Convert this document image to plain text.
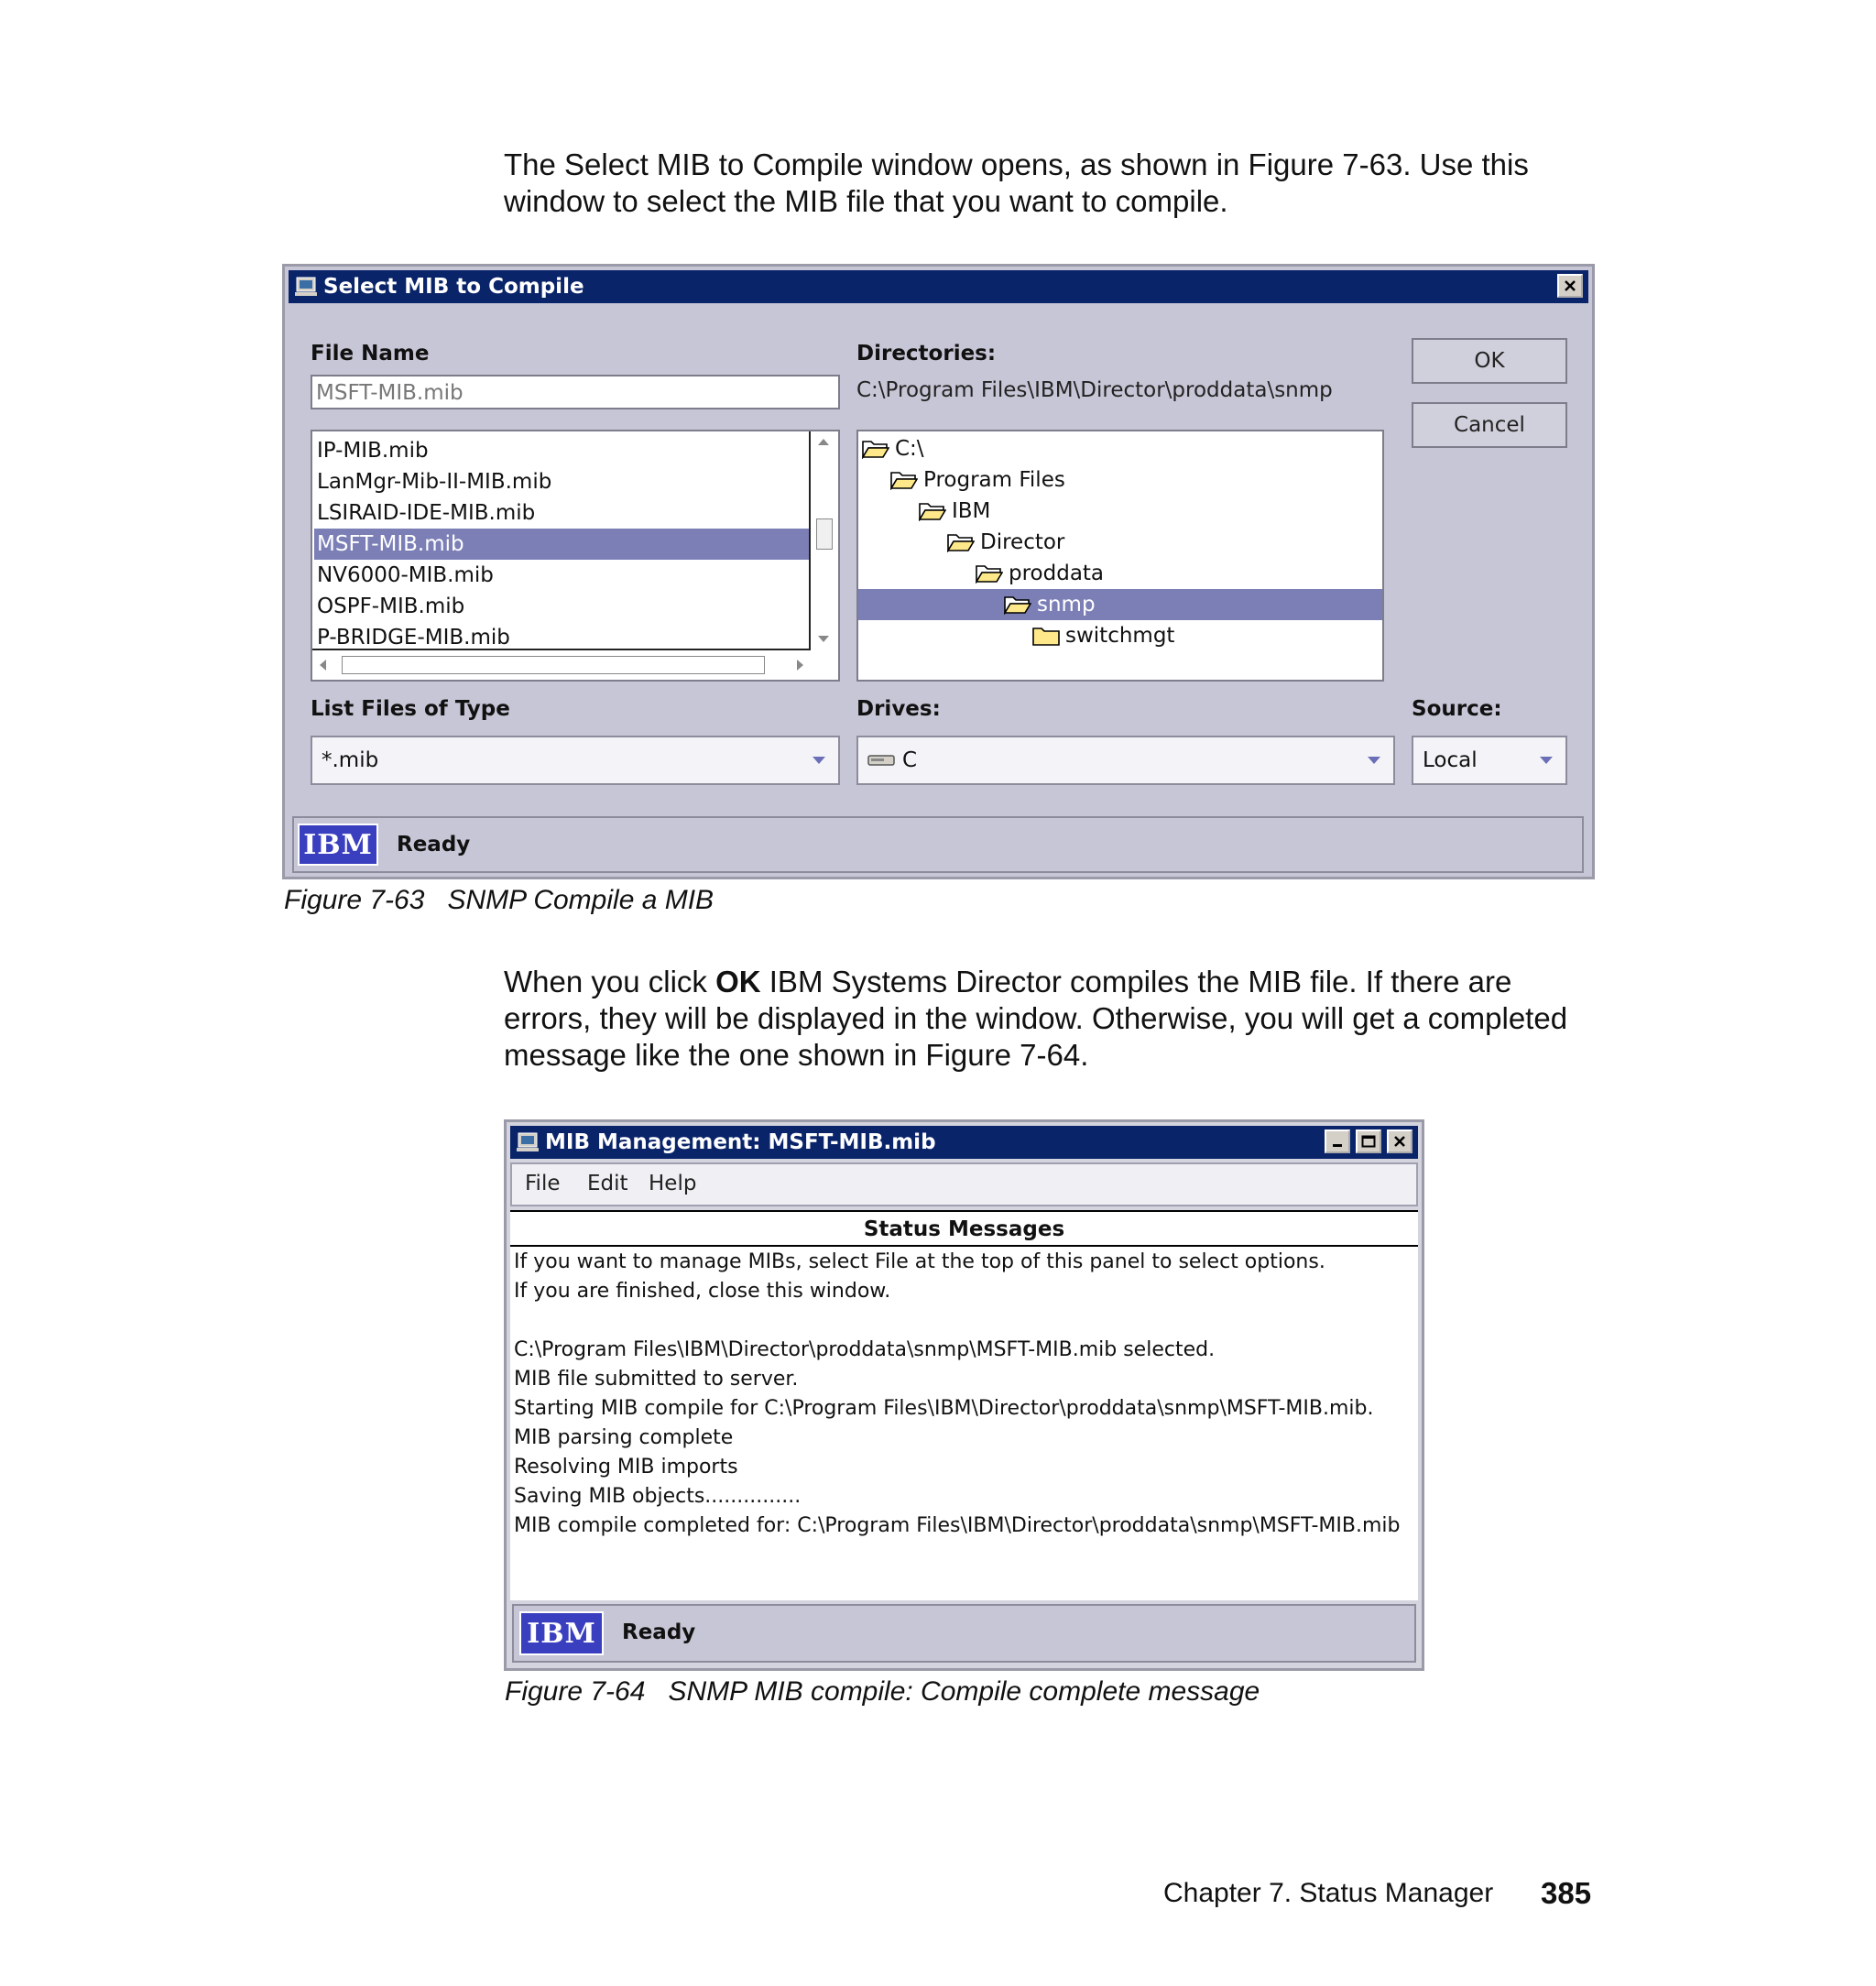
The Select MIB to Compile window opens, as shown in Figure 7-63. Use this
window to select the MIB file that you want to compile.
Select MIB to Compile
File Name
MSFT-MIB.mib
IP-MIB.mib
LanMgr-Mib-II-MIB.mib
LSIRAID-IDE-MIB.mib
MSFT-MIB.mib
NV6000-MIB.mib
OSPF-MIB.mib
P-BRIDGE-MIB.mib
Directories:
C:\Program Files\IBM\Director\proddata\snmp
C:\
Program Files
IBM
Director
proddata
snmp
switchmgt
OK
Cancel
List Files of Type
*.mib
Drives:
C
Source:
Local
IBM Ready
Figure 7-63 SNMP Compile a MIB
When you click OK IBM Systems Director compiles the MIB file. If there are
errors, they will be displayed in the window. Otherwise, you will get a completed
message like the one shown in Figure 7-64.
MIB Management: MSFT-MIB.mib
File Edit Help
Status Messages
If you want to manage MIBs, select File at the top of this panel to select options.
If you are finished, close this window.
C:\Program Files\IBM\Director\proddata\snmp\MSFT-MIB.mib selected.
MIB file submitted to server.
Starting MIB compile for C:\Program Files\IBM\Director\proddata\snmp\MSFT-MIB.mib.
MIB parsing complete
Resolving MIB imports
Saving MIB objects...............
MIB compile completed for: C:\Program Files\IBM\Director\proddata\snmp\MSFT-MIB.mib
IBM	Ready
Figure 7-64 SNMP MIB compile: Compile complete message
Chapter 7. Status Manager 385
